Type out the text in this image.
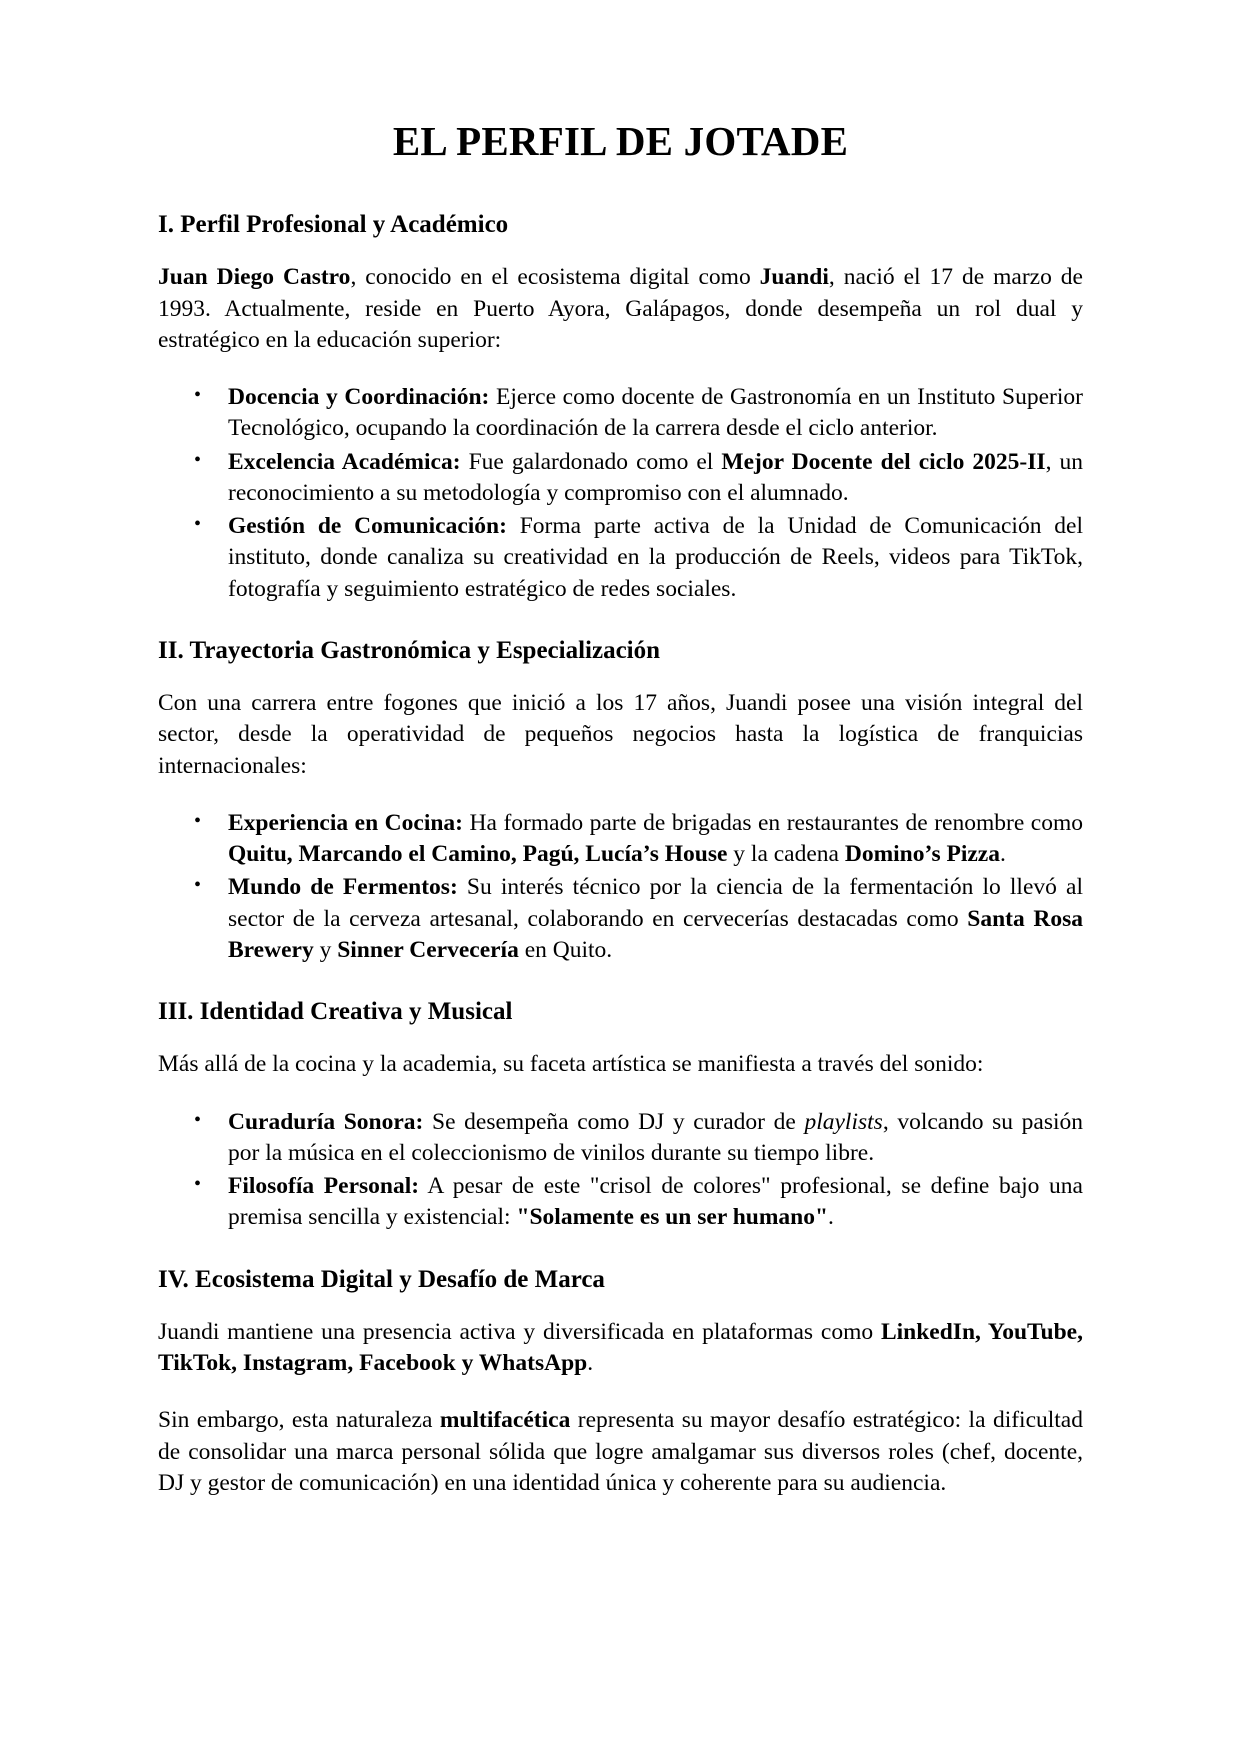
EL PERFIL DE JOTADE
I. Perfil Profesional y Académico

Juan Diego Castro, conocido en el ecosistema digital como Juandi, nació el 17 de marzo de 1993. Actualmente, reside en Puerto Ayora, Galápagos, donde desempeña un rol dual y estratégico en la educación superior:

• Docencia y Coordinación: Ejerce como docente de Gastronomía en un Instituto Superior Tecnológico, ocupando la coordinación de la carrera desde el ciclo anterior.
• Excelencia Académica: Fue galardonado como el Mejor Docente del ciclo 2025-II, un reconocimiento a su metodología y compromiso con el alumnado.
• Gestión de Comunicación: Forma parte activa de la Unidad de Comunicación del instituto, donde canaliza su creatividad en la producción de Reels, videos para TikTok, fotografía y seguimiento estratégico de redes sociales.
II. Trayectoria Gastronómica y Especialización

Con una carrera entre fogones que inició a los 17 años, Juandi posee una visión integral del sector, desde la operatividad de pequeños negocios hasta la logística de franquicias internacionales:

• Experiencia en Cocina: Ha formado parte de brigadas en restaurantes de renombre como Quitu, Marcando el Camino, Pagú, Lucía’s House y la cadena Domino’s Pizza.
• Mundo de Fermentos: Su interés técnico por la ciencia de la fermentación lo llevó al sector de la cerveza artesanal, colaborando en cervecerías destacadas como Santa Rosa Brewery y Sinner Cervecería en Quito.
III. Identidad Creativa y Musical

Más allá de la cocina y la academia, su faceta artística se manifiesta a través del sonido:

• Curaduría Sonora: Se desempeña como DJ y curador de playlists, volcando su pasión por la música en el coleccionismo de vinilos durante su tiempo libre.
• Filosofía Personal: A pesar de este "crisol de colores" profesional, se define bajo una premisa sencilla y existencial: "Solamente es un ser humano".
IV. Ecosistema Digital y Desafío de Marca

Juandi mantiene una presencia activa y diversificada en plataformas como LinkedIn, YouTube, TikTok, Instagram, Facebook y WhatsApp.

Sin embargo, esta naturaleza multifacética representa su mayor desafío estratégico: la dificultad de consolidar una marca personal sólida que logre amalgamar sus diversos roles (chef, docente, DJ y gestor de comunicación) en una identidad única y coherente para su audiencia.
